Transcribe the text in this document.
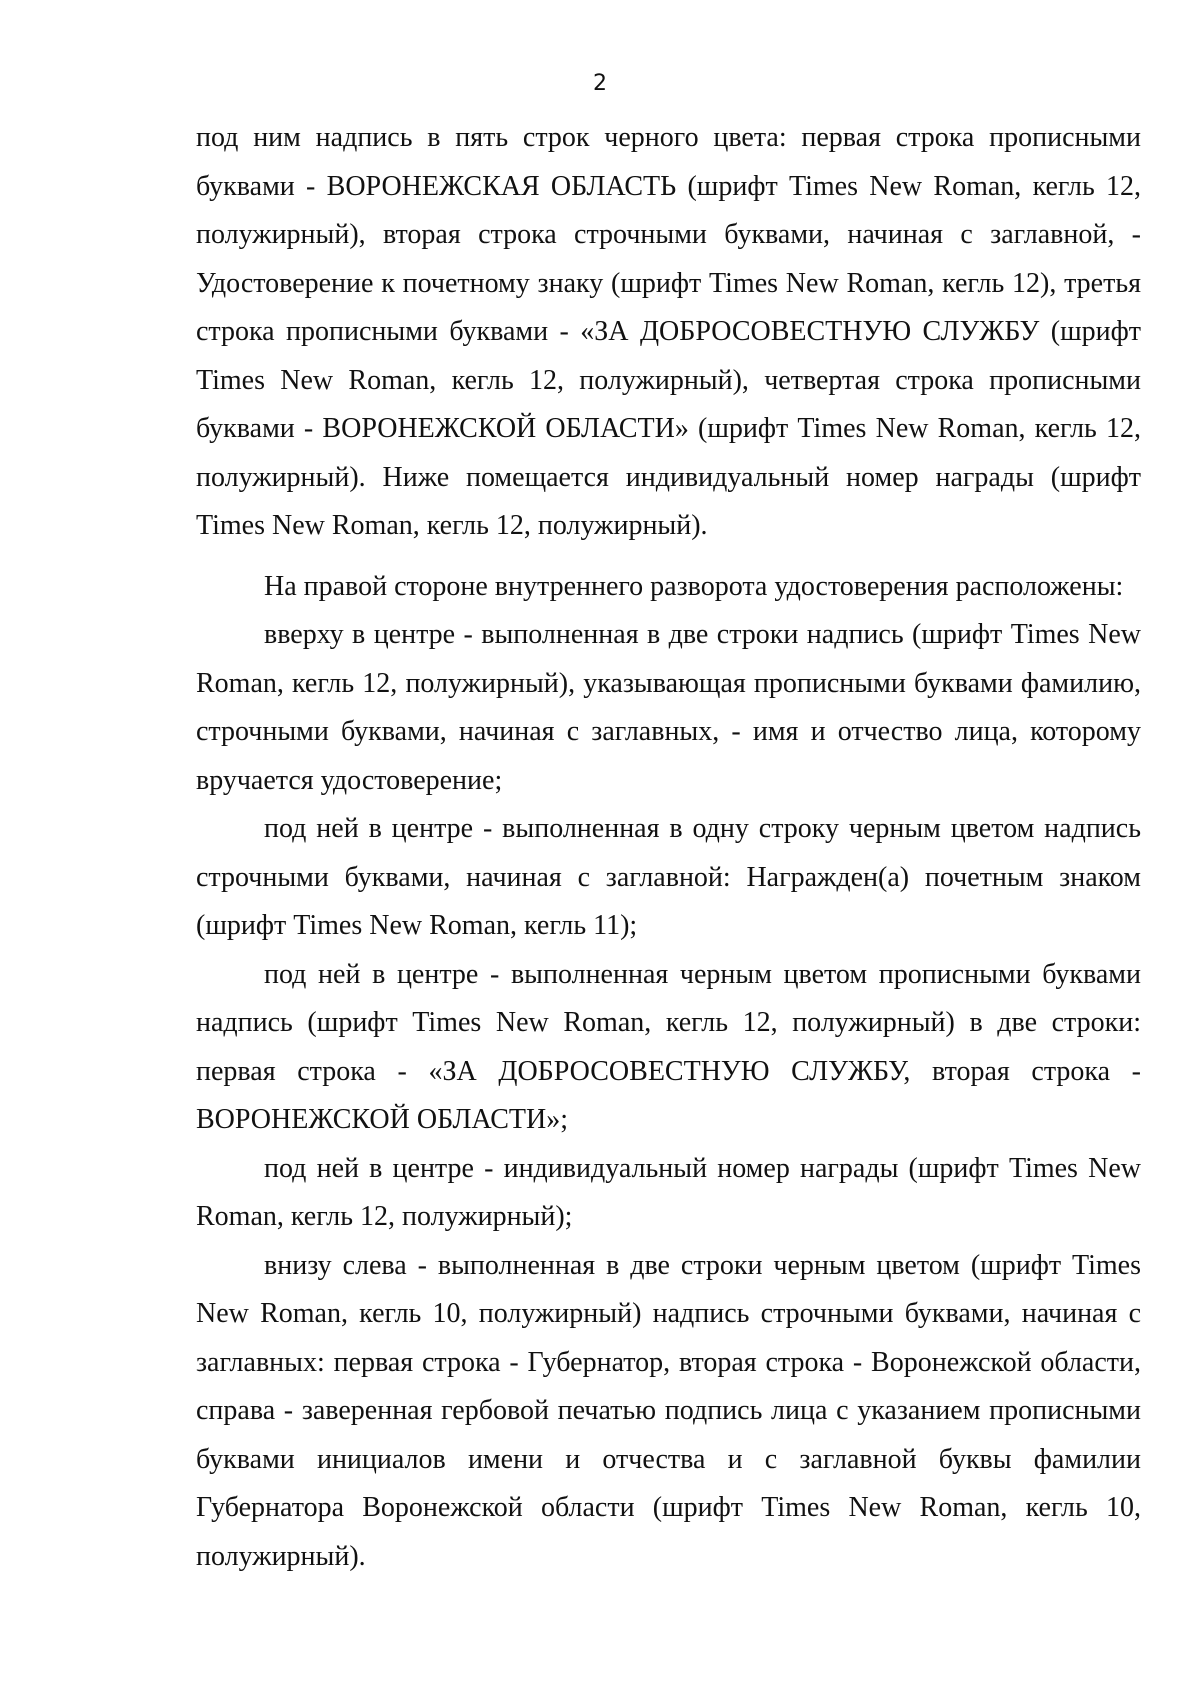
2

под ним надпись в пять строк черного цвета: первая строка прописными буквами - ВОРОНЕЖСКАЯ ОБЛАСТЬ (шрифт Times New Roman, кегль 12, полужирный), вторая строка строчными буквами, начиная с заглавной, - Удостоверение к почетному знаку (шрифт Times New Roman, кегль 12), третья строка прописными буквами - «ЗА ДОБРОСОВЕСТНУЮ СЛУЖБУ (шрифт Times New Roman, кегль 12, полужирный), четвертая строка прописными буквами - ВОРОНЕЖСКОЙ ОБЛАСТИ» (шрифт Times New Roman, кегль 12, полужирный). Ниже помещается индивидуальный номер награды (шрифт Times New Roman, кегль 12, полужирный).

На правой стороне внутреннего разворота удостоверения расположены:

вверху в центре - выполненная в две строки надпись (шрифт Times New Roman, кегль 12, полужирный), указывающая прописными буквами фамилию, строчными буквами, начиная с заглавных, - имя и отчество лица, которому вручается удостоверение;

под ней в центре - выполненная в одну строку черным цветом надпись строчными буквами, начиная с заглавной: Награжден(а) почетным знаком (шрифт Times New Roman, кегль 11);

под ней в центре - выполненная черным цветом прописными буквами надпись (шрифт Times New Roman, кегль 12, полужирный) в две строки: первая строка - «ЗА ДОБРОСОВЕСТНУЮ СЛУЖБУ, вторая строка - ВОРОНЕЖСКОЙ ОБЛАСТИ»;

под ней в центре - индивидуальный номер награды (шрифт Times New Roman, кегль 12, полужирный);

внизу слева - выполненная в две строки черным цветом (шрифт Times New Roman, кегль 10, полужирный) надпись строчными буквами, начиная с заглавных: первая строка - Губернатор, вторая строка - Воронежской области, справа - заверенная гербовой печатью подпись лица с указанием прописными буквами инициалов имени и отчества и с заглавной буквы фамилии Губернатора Воронежской области (шрифт Times New Roman, кегль 10, полужирный).
